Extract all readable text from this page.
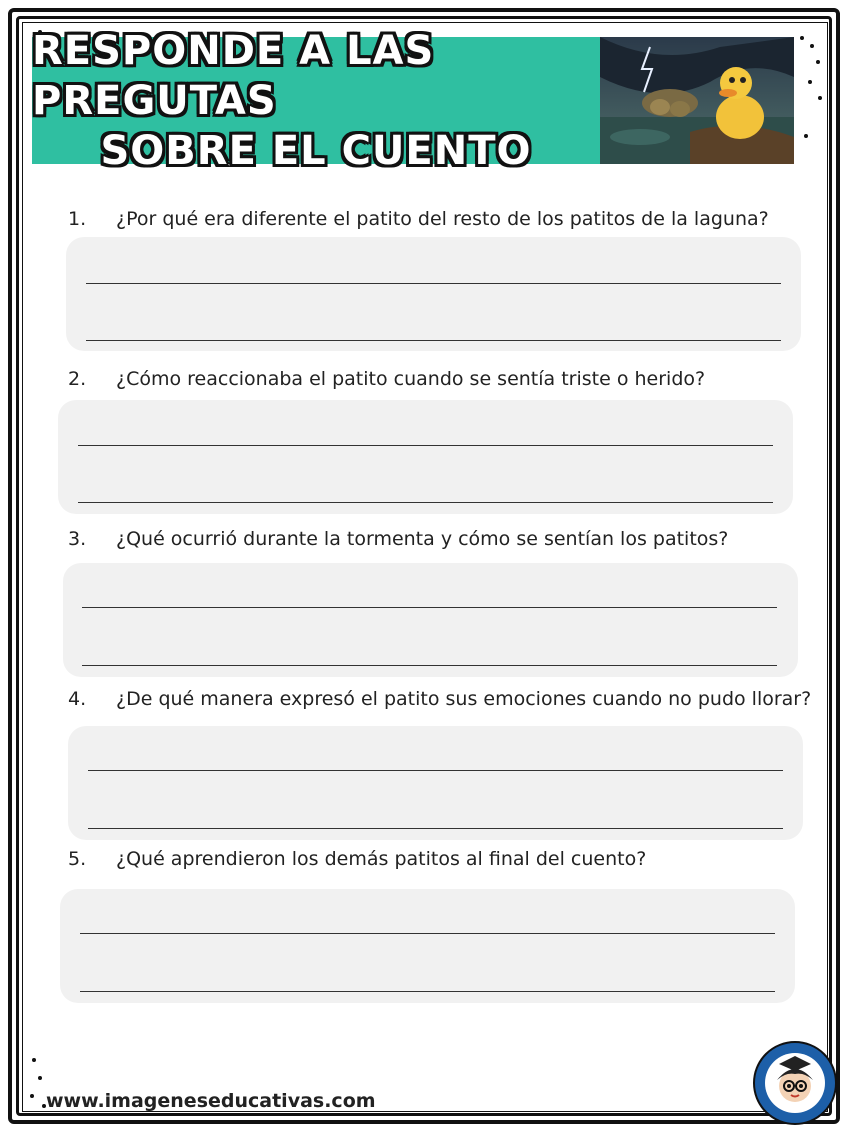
RESPONDE A LAS PREGUTAS
SOBRE EL CUENTO
1.	¿Por qué era diferente el patito del resto de los patitos de la laguna?
2.	¿Cómo reaccionaba el patito cuando se sentía triste o herido?
3.	¿Qué ocurrió durante la tormenta y cómo se sentían los patitos?
4.	¿De qué manera expresó el patito sus emociones cuando no pudo llorar?
5.	¿Qué aprendieron los demás patitos al final del cuento?
www.imageneseducativas.com
